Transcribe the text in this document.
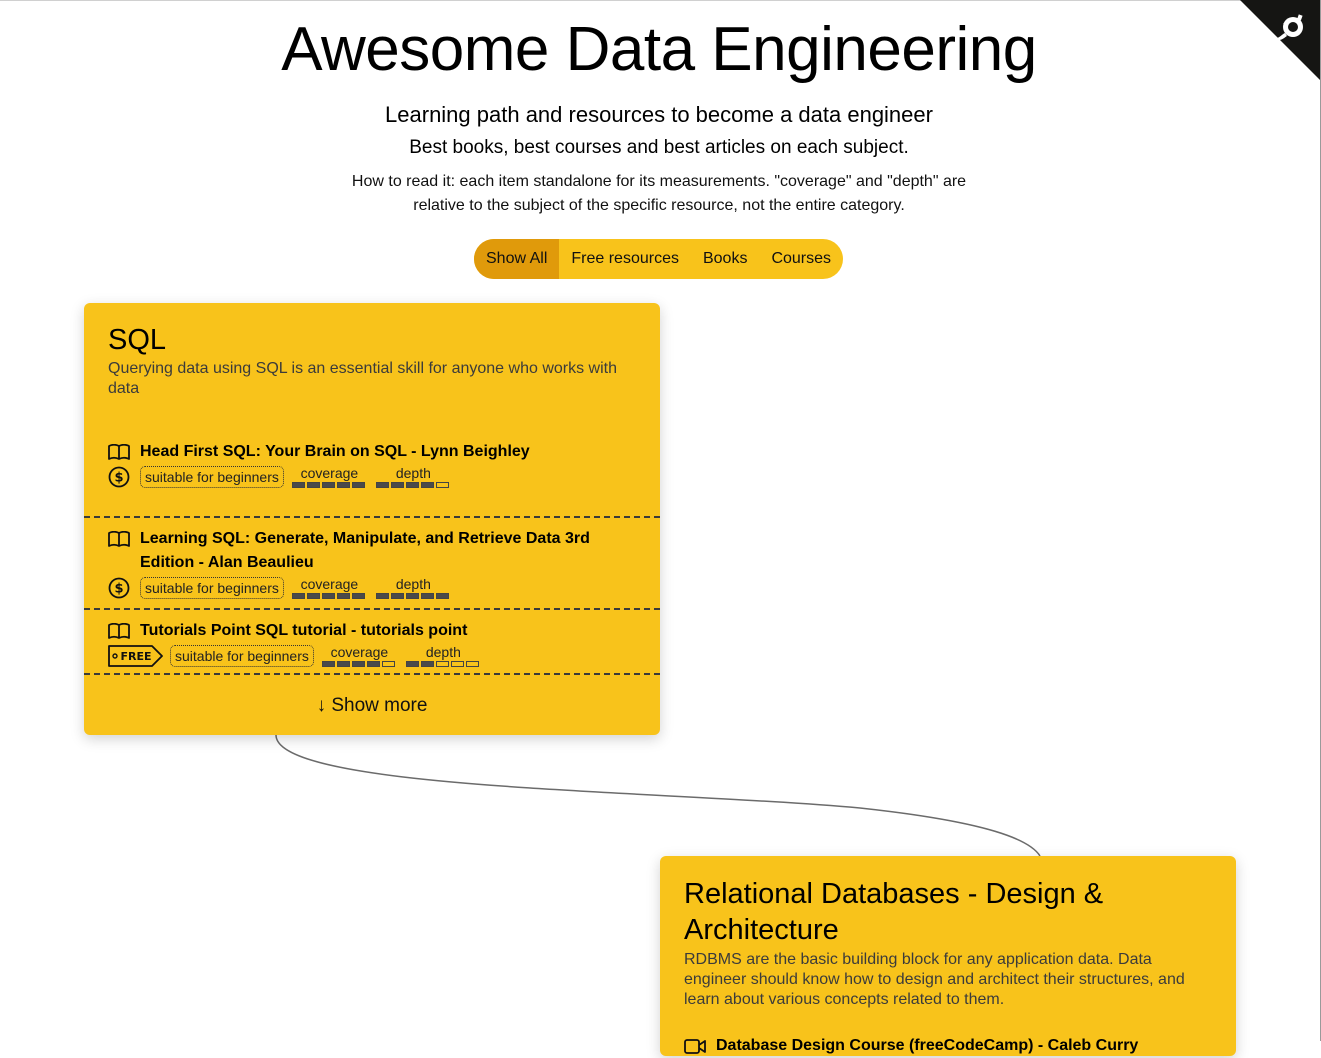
Awesome Data Engineering
Learning path and resources to become a data engineer
Best books, best courses and best articles on each subject.
How to read it: each item standalone for its measurements. "coverage" and "depth" are relative to the subject of the specific resource, not the entire category.
Show All	Free resources	Books	Courses
SQL
Querying data using SQL is an essential skill for anyone who works with data
Head First SQL: Your Brain on SQL - Lynn Beighley
$	suitable for beginners	coverage	depth
Learning SQL: Generate, Manipulate, and Retrieve Data 3rd Edition - Alan Beaulieu
$	suitable for beginners	coverage	depth
Tutorials Point SQL tutorial - tutorials point
FREE	suitable for beginners	coverage	depth
↓ Show more
Relational Databases - Design & Architecture
RDBMS are the basic building block for any application data. Data engineer should know how to design and architect their structures, and learn about various concepts related to them.
Database Design Course (freeCodeCamp) - Caleb Curry
